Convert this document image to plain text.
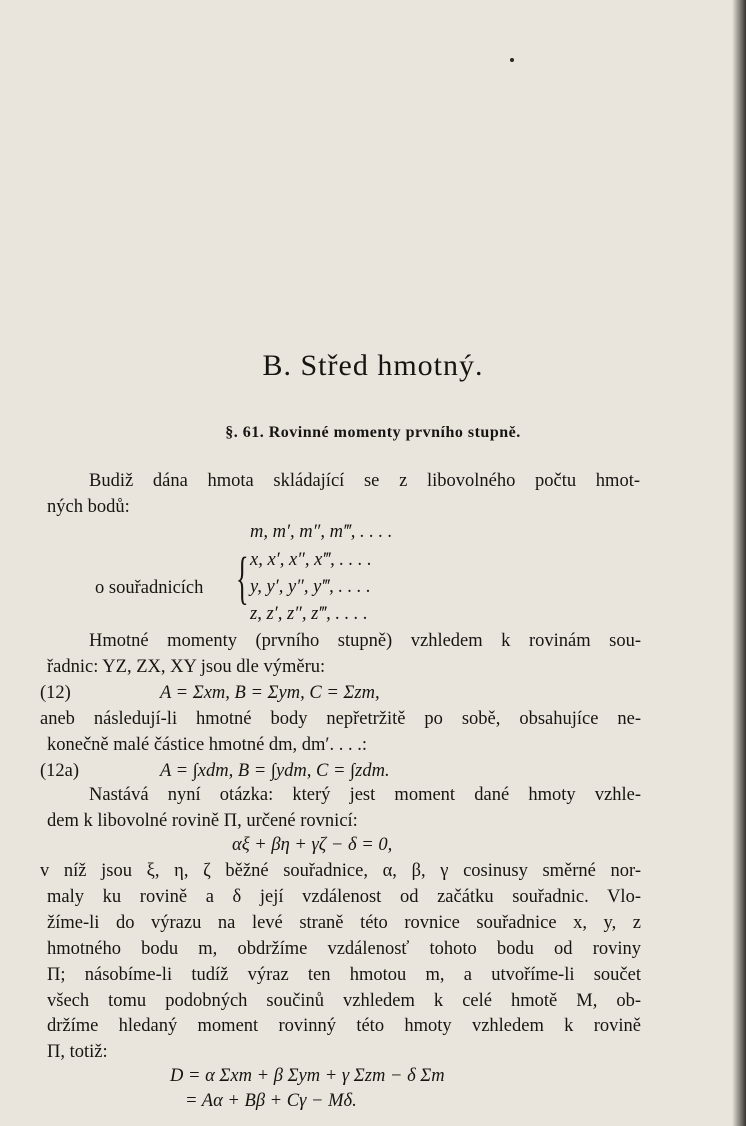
B. Střed hmotný.
§. 61. Rovinné momenty prvního stupně.
Budiž dána hmota skládající se z libovolného počtu hmot-
ných bodů:
m, m′, m″, m‴, . . . .
o souřadnicích { x, x′, x″, x‴, . . . .
y, y′, y″, y‴, . . . .
z, z′, z″, z‴, . . . .
Hmotné momenty (prvního stupně) vzhledem k rovinám sou-
řadnic: YZ, ZX, XY jsou dle výměru:
(12)	A = Σxm, B = Σym, C = Σzm,
aneb následují-li hmotné body nepřetržitě po sobě, obsahujíce ne-
konečně malé částice hmotné dm, dm′. . . .:
(12a)	A = ∫xdm, B = ∫ydm, C = ∫zdm.
Nastává nyní otázka: který jest moment dané hmoty vzhle-
dem k libovolné rovině Π, určené rovnicí:
αξ + βη + γζ − δ = 0,
v níž jsou ξ, η, ζ běžné souřadnice, α, β, γ cosinusy směrné nor-
maly ku rovině a δ její vzdálenost od začátku souřadnic. Vlo-
žíme-li do výrazu na levé straně této rovnice souřadnice x, y, z
hmotného bodu m, obdržíme vzdálenosť tohoto bodu od roviny
Π; násobíme-li tudíž výraz ten hmotou m, a utvoříme-li součet
všech tomu podobných součinů vzhledem k celé hmotě M, ob-
držíme hledaný moment rovinný této hmoty vzhledem k rovině
Π, totiž:
D = α Σxm + β Σym + γ Σzm − δ Σm
= Aα + Bβ + Cγ − Mδ.
